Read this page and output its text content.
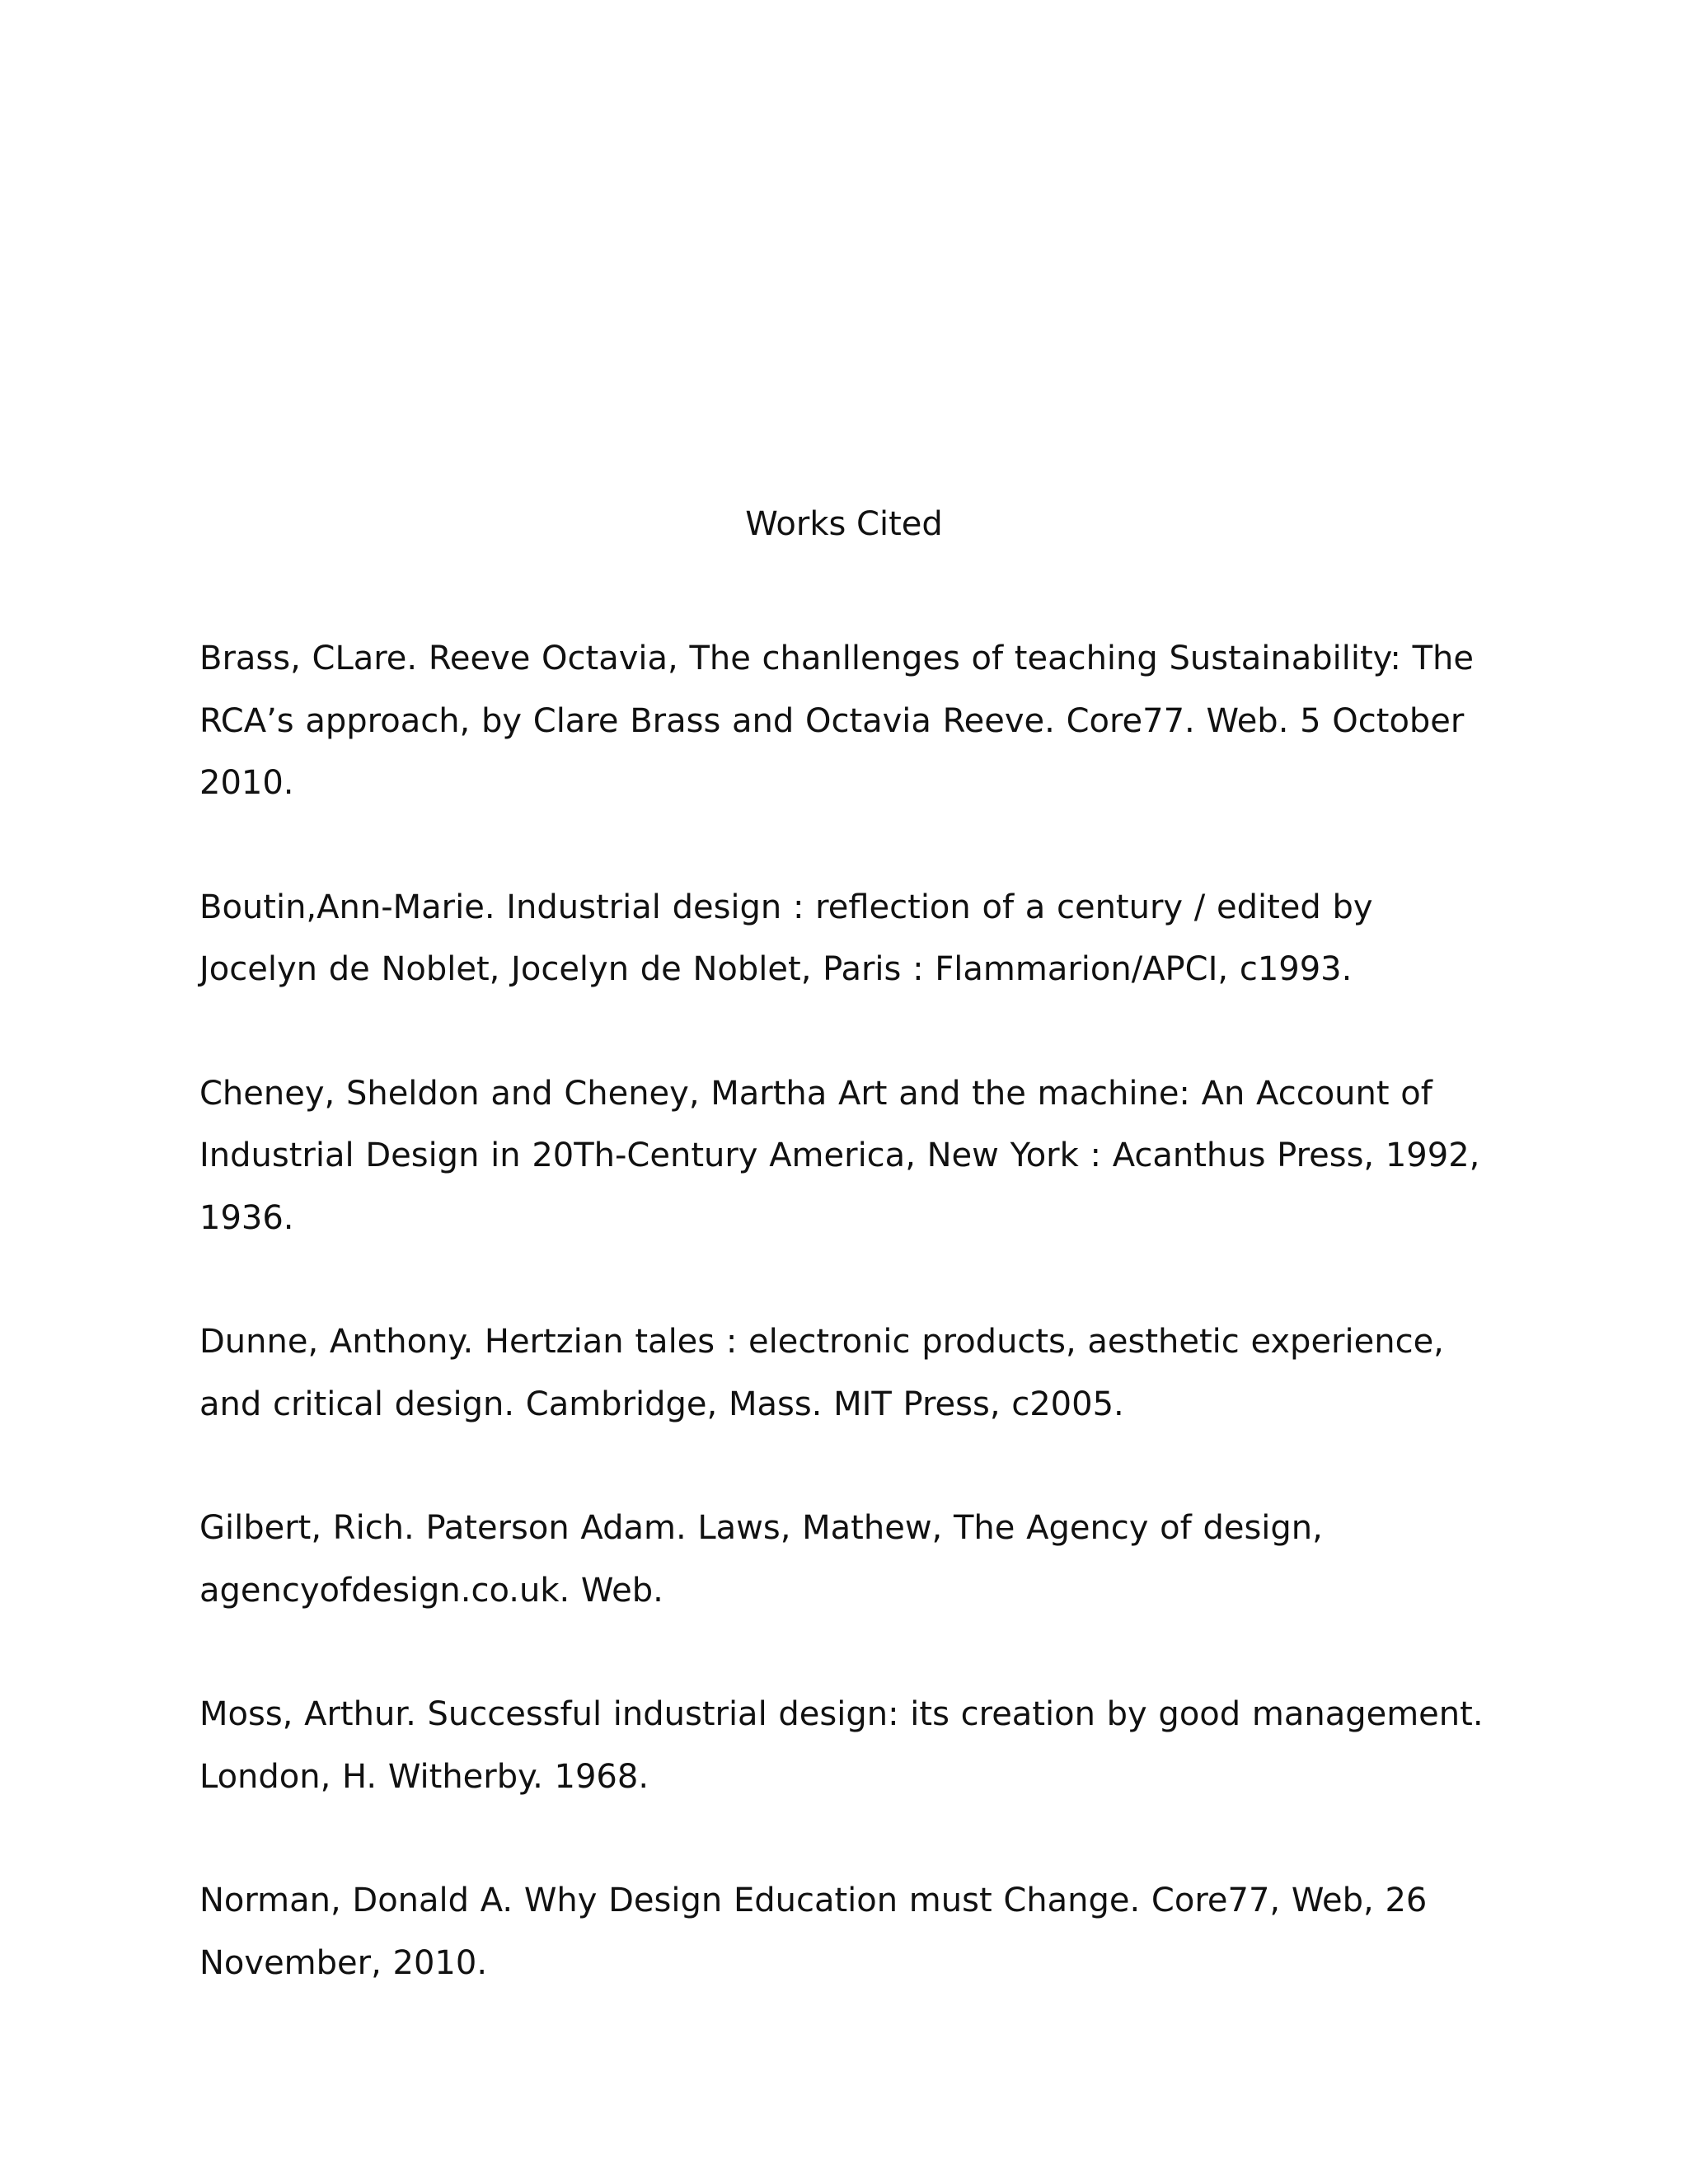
Works Cited

Brass, CLare. Reeve Octavia, The chanllenges of teaching Sustainability: The RCA’s approach, by Clare Brass and Octavia Reeve. Core77. Web. 5 October 2010.

Boutin,Ann-Marie. Industrial design : reflection of a century / edited by Jocelyn de Noblet, Jocelyn de Noblet, Paris : Flammarion/APCI, c1993.

Cheney, Sheldon and Cheney, Martha Art and the machine: An Account of Industrial Design in 20Th-Century America, New York : Acanthus Press, 1992, 1936.

Dunne, Anthony. Hertzian tales : electronic products, aesthetic experience, and critical design. Cambridge, Mass. MIT Press, c2005.

Gilbert, Rich. Paterson Adam. Laws, Mathew, The Agency of design, agencyofdesign.co.uk. Web.

Moss, Arthur. Successful industrial design: its creation by good management. London, H. Witherby. 1968.

Norman, Donald A. Why Design Education must Change. Core77, Web, 26 November, 2010.
